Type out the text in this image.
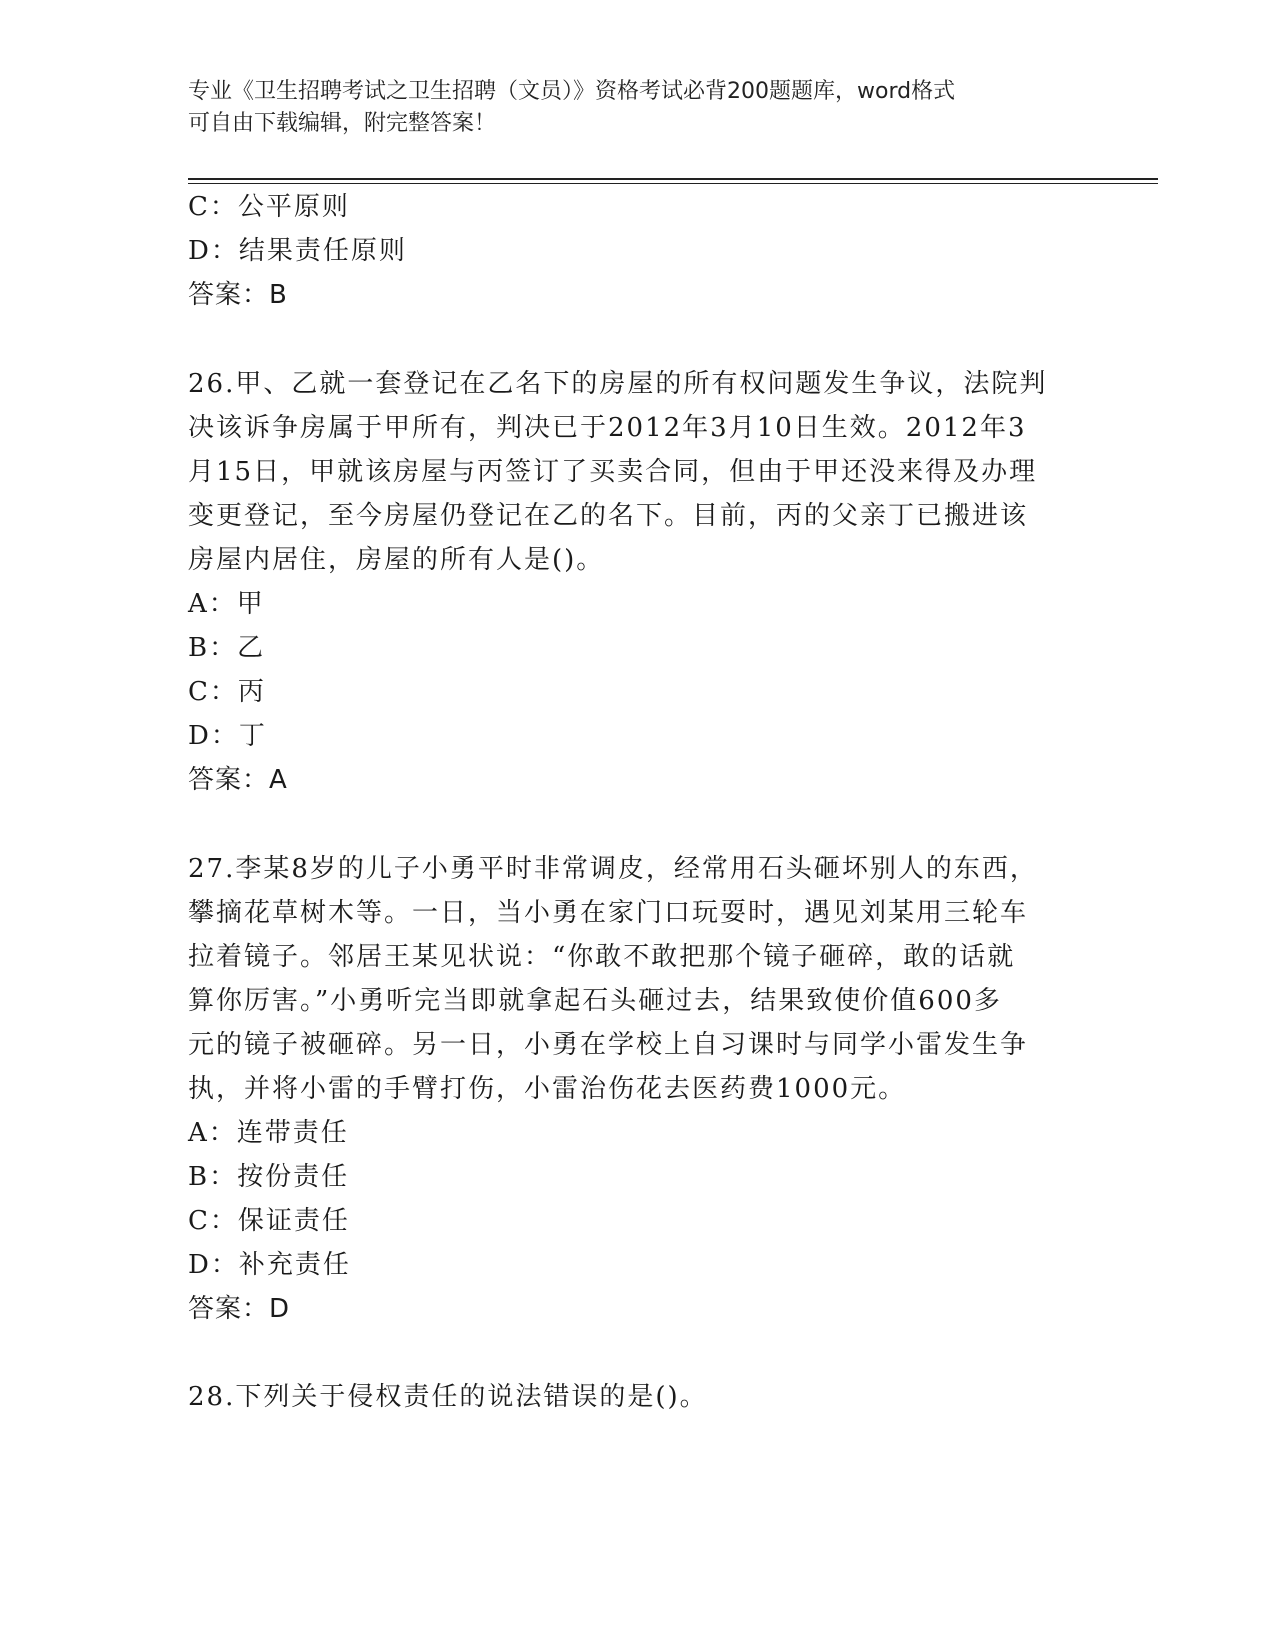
专业《卫生招聘考试之卫生招聘（文员）》资格考试必背200题题库，word格式
可自由下载编辑，附完整答案！
C：公平原则
D：结果责任原则
答案：B
26.甲、乙就一套登记在乙名下的房屋的所有权问题发生争议，法院判
决该诉争房属于甲所有，判决已于2012年3月10日生效。2012年3
月15日，甲就该房屋与丙签订了买卖合同，但由于甲还没来得及办理
变更登记，至今房屋仍登记在乙的名下。目前，丙的父亲丁已搬进该
房屋内居住，房屋的所有人是()。
A：甲
B：乙
C：丙
D：丁
答案：A
27.李某8岁的儿子小勇平时非常调皮，经常用石头砸坏别人的东西，
攀摘花草树木等。一日，当小勇在家门口玩耍时，遇见刘某用三轮车
拉着镜子。邻居王某见状说：“你敢不敢把那个镜子砸碎，敢的话就
算你厉害。”小勇听完当即就拿起石头砸过去，结果致使价值600多
元的镜子被砸碎。另一日，小勇在学校上自习课时与同学小雷发生争
执，并将小雷的手臂打伤，小雷治伤花去医药费1000元。
A：连带责任
B：按份责任
C：保证责任
D：补充责任
答案：D
28.下列关于侵权责任的说法错误的是()。
